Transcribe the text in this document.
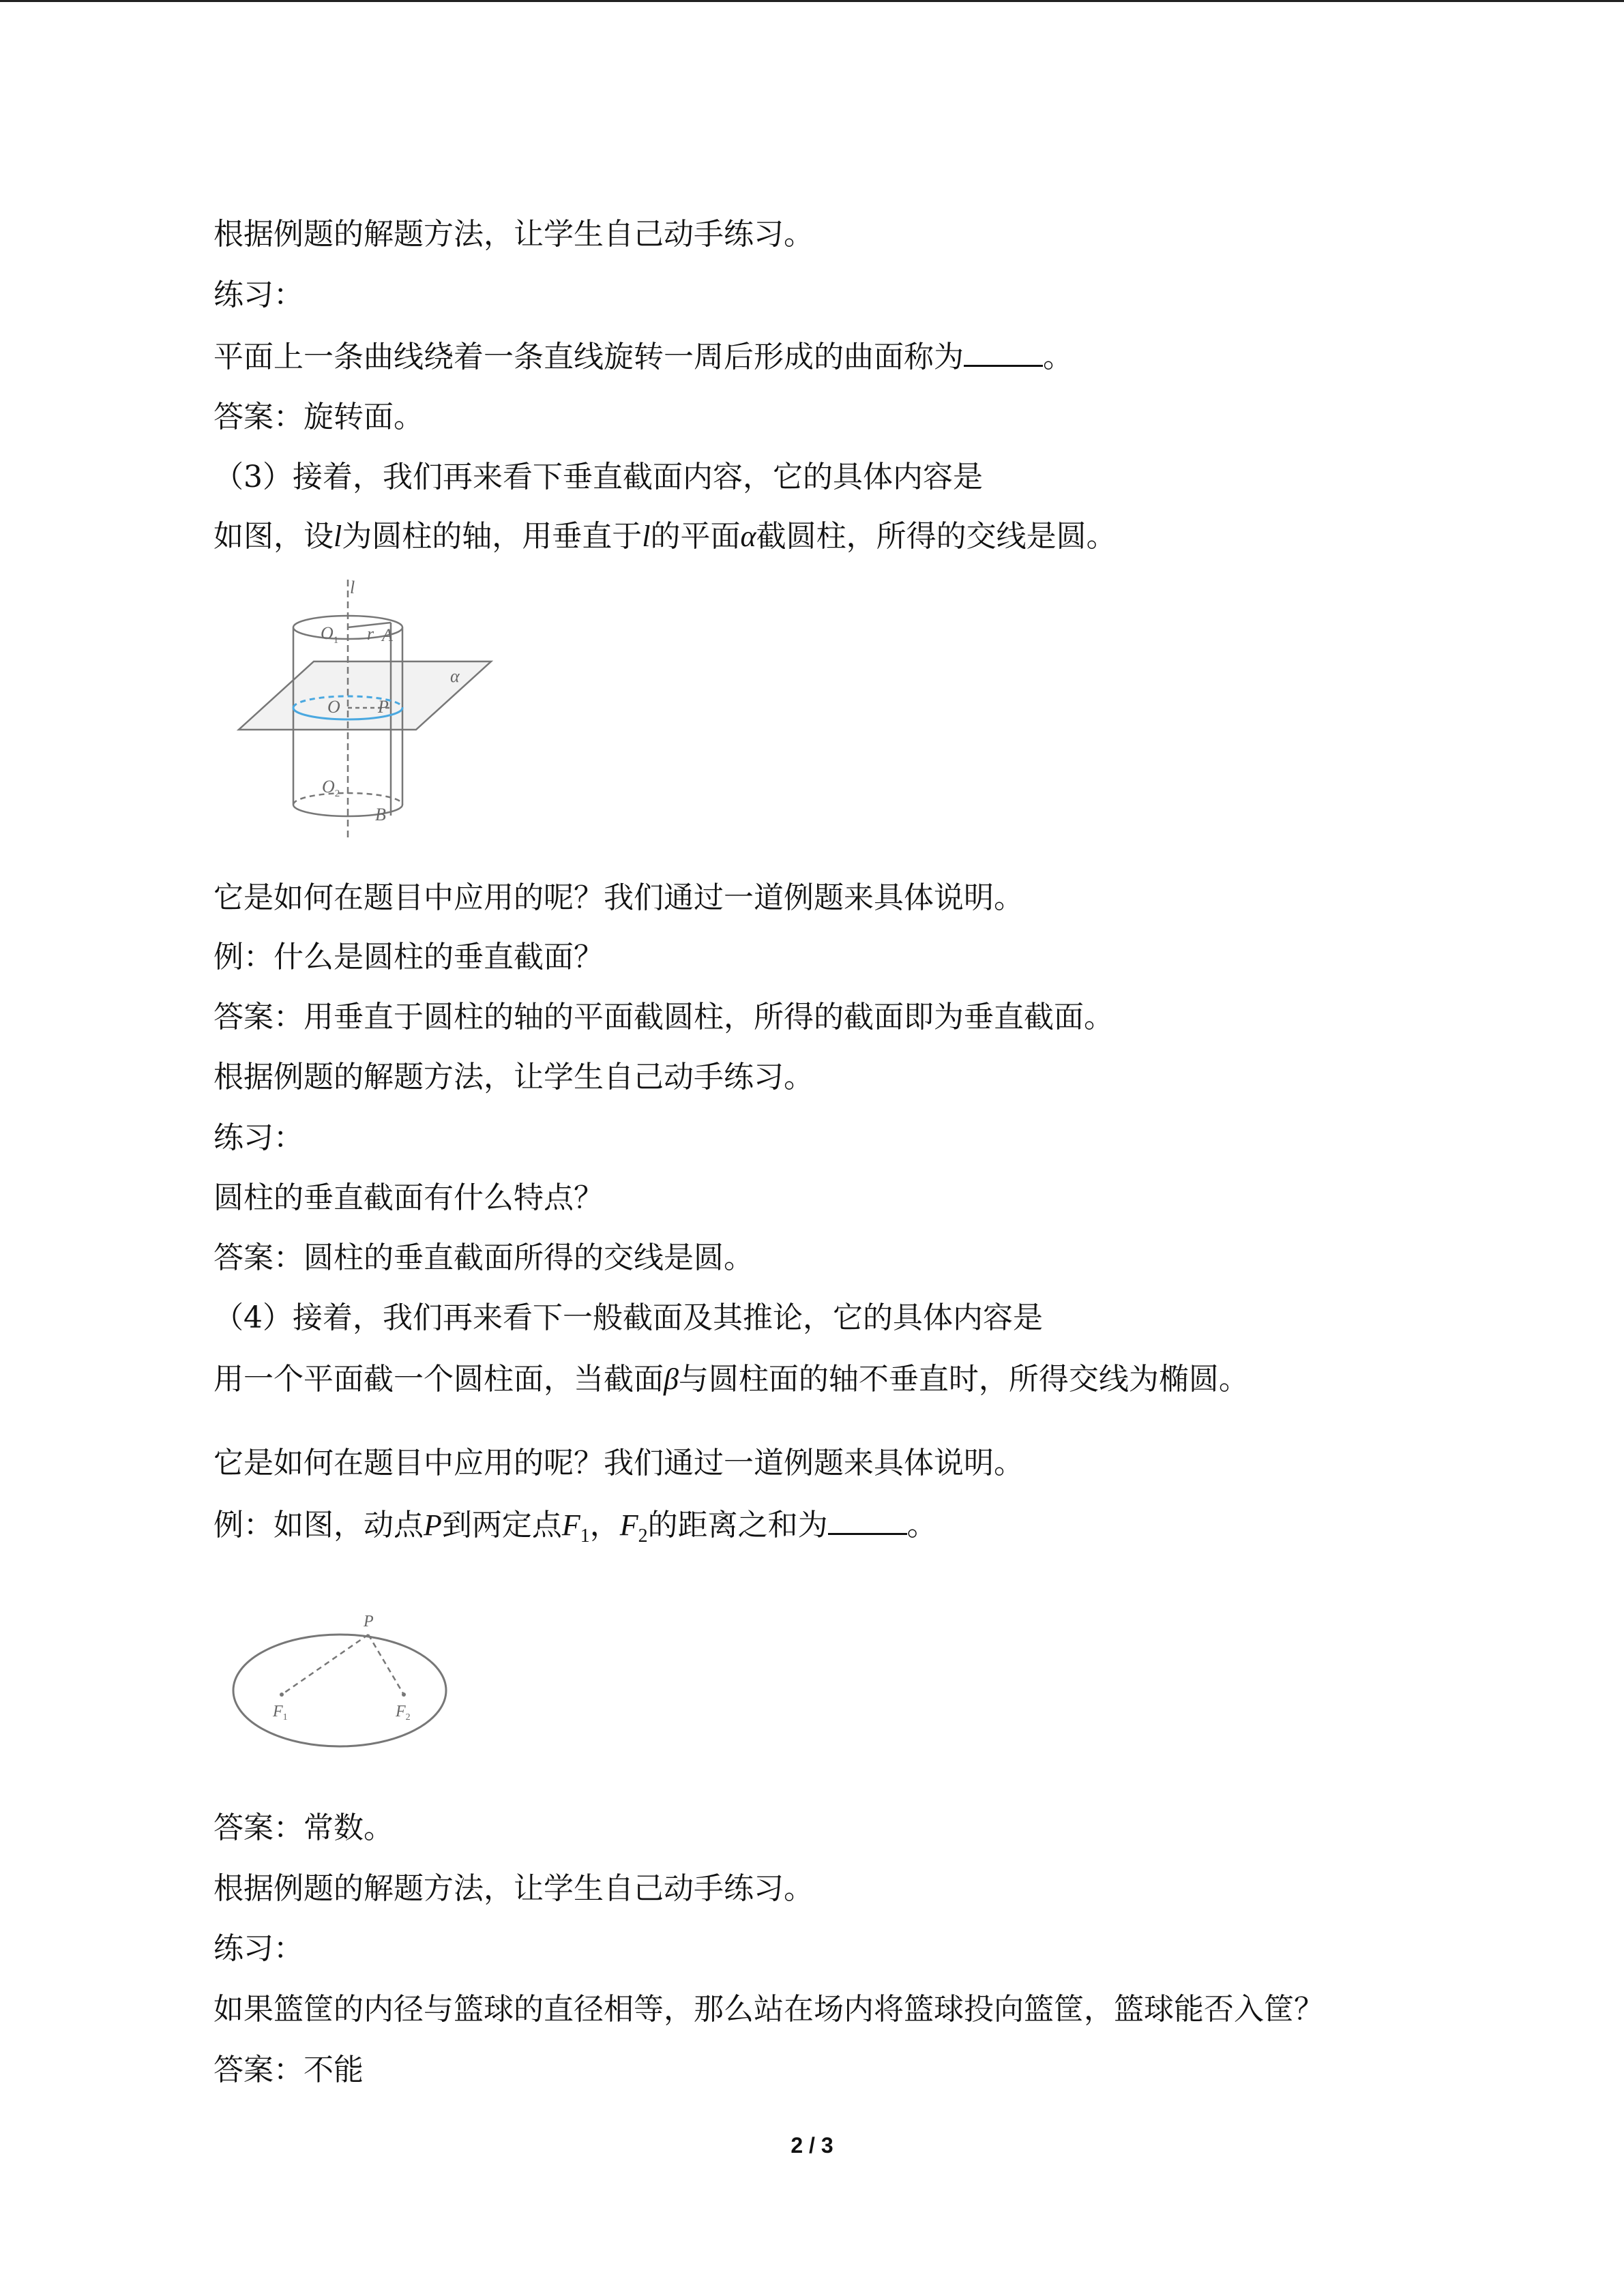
根据例题的解题方法，让学生自己动手练习。
练习：
平面上一条曲线绕着一条直线旋转一周后形成的曲面称为	。
答案：旋转面。
（3）接着，我们再来看下垂直截面内容，它的具体内容是
如图，设l为圆柱的轴，用垂直于l的平面α截圆柱，所得的交线是圆。
l
$O_1$ r A
α
O P
$O_2$
B
它是如何在题目中应用的呢？我们通过一道例题来具体说明。
例：什么是圆柱的垂直截面？
答案：用垂直于圆柱的轴的平面截圆柱，所得的截面即为垂直截面。
根据例题的解题方法，让学生自己动手练习。
练习：
圆柱的垂直截面有什么特点？
答案：圆柱的垂直截面所得的交线是圆。
（4）接着，我们再来看下一般截面及其推论，它的具体内容是
用一个平面截一个圆柱面，当截面β与圆柱面的轴不垂直时，所得交线为椭圆。
它是如何在题目中应用的呢？我们通过一道例题来具体说明。
例：如图，动点P到两定点$F_1$，$F_2$的距离之和为	。
P
$F_1$	$F_2$
答案：常数。
根据例题的解题方法，让学生自己动手练习。
练习：
如果篮筐的内径与篮球的直径相等，那么站在场内将篮球投向篮筐，篮球能否入筐？
答案：不能
2 / 3
